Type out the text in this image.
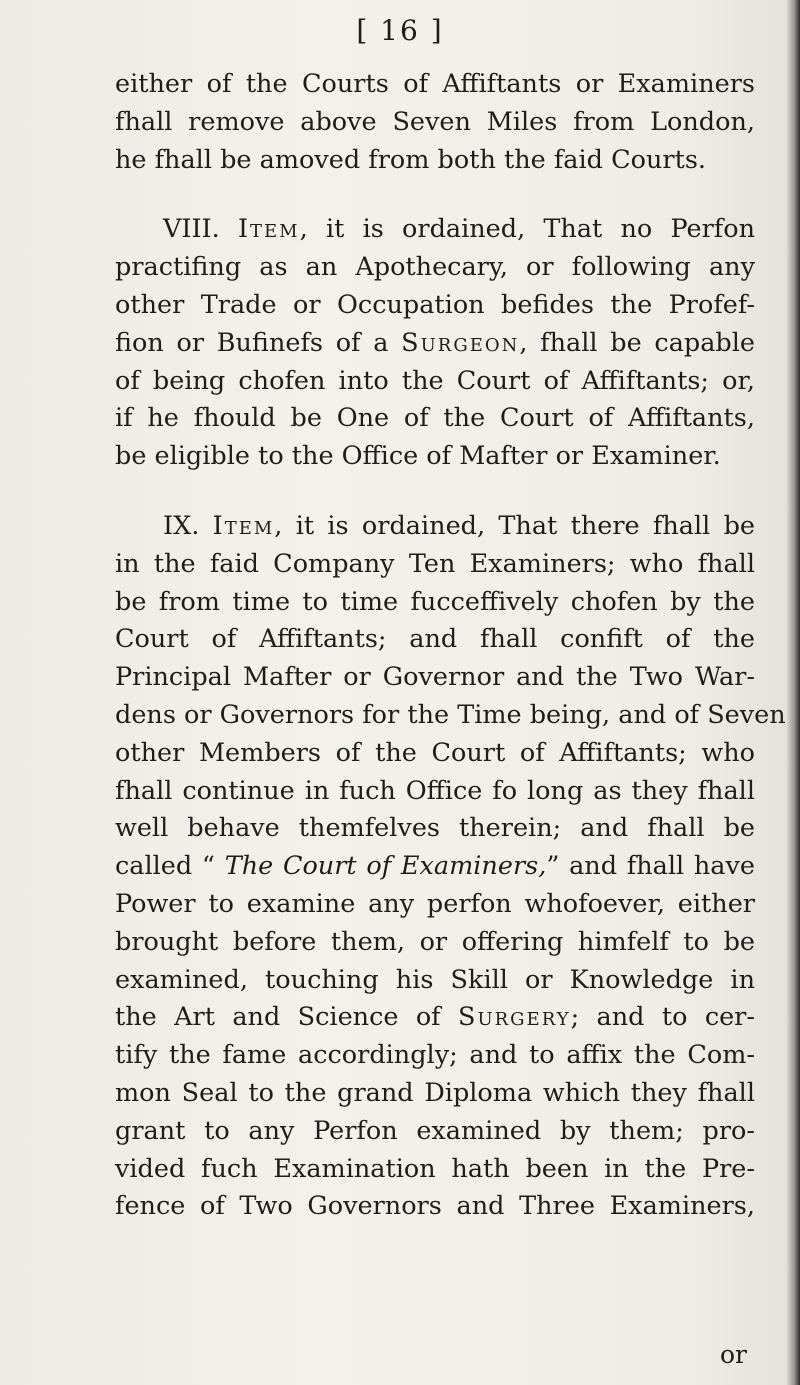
[ 16 ]

either of the Courts of Affiftants or Examiners
fhall remove above Seven Miles from London,
he fhall be amoved from both the faid Courts.

VIII. Item, it is ordained, That no Perfon
practifing as an Apothecary, or following any
other Trade or Occupation befides the Profef-
fion or Bufinefs of a Surgeon, fhall be capable
of being chofen into the Court of Affiftants; or,
if he fhould be One of the Court of Affiftants,
be eligible to the Office of Mafter or Examiner.

IX. Item, it is ordained, That there fhall be
in the faid Company Ten Examiners; who fhall
be from time to time fucceffively chofen by the
Court of Affiftants; and fhall confift of the
Principal Mafter or Governor and the Two War-
dens or Governors for the Time being, and of Seven
other Members of the Court of Affiftants; who
fhall continue in fuch Office fo long as they fhall
well behave themfelves therein; and fhall be
called “ The Court of Examiners,” and fhall have
Power to examine any perfon whofoever, either
brought before them, or offering himfelf to be
examined, touching his Skill or Knowledge in
the Art and Science of Surgery; and to cer-
tify the fame accordingly; and to affix the Com-
mon Seal to the grand Diploma which they fhall
grant to any Perfon examined by them; pro-
vided fuch Examination hath been in the Pre-
fence of Two Governors and Three Examiners,

or
